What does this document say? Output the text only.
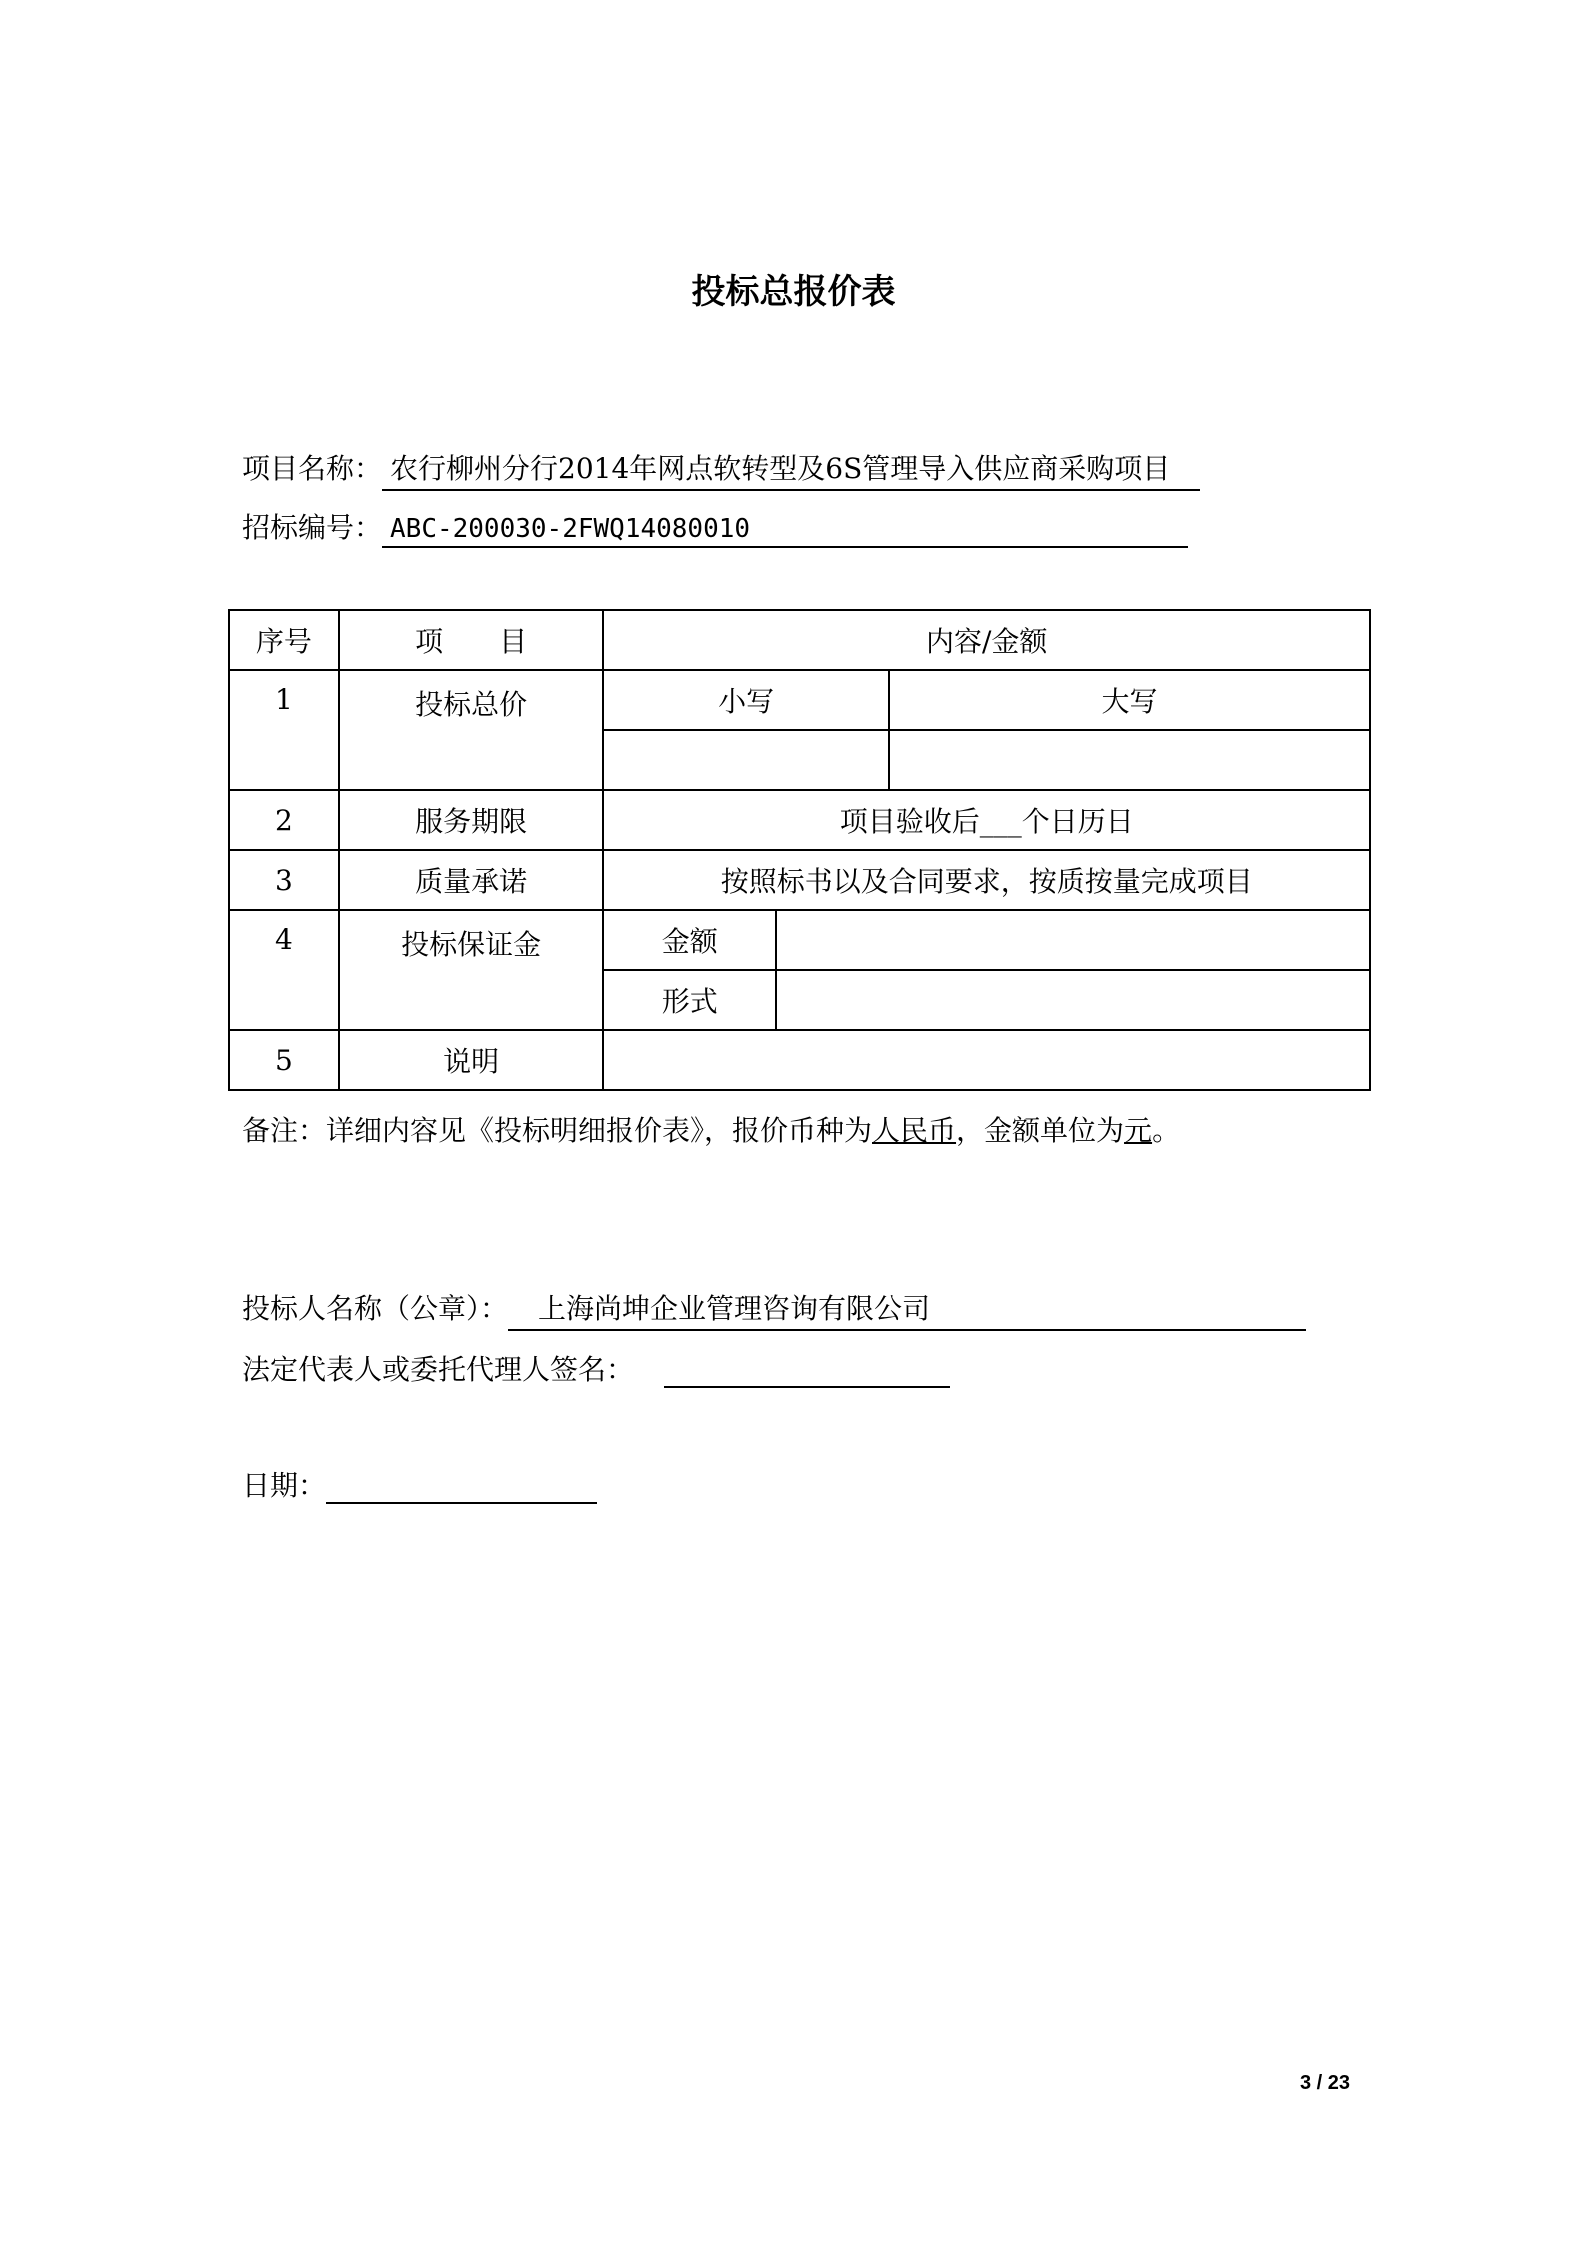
投标总报价表
项目名称： 农行柳州分行2014年网点软转型及6S管理导入供应商采购项目
招标编号： ABC-200030-2FWQ14080010
序号	项　　目	内容/金额		
1	投标总价	小写		大写

2	服务期限	项目验收后___个日历日		
3	质量承诺	按照标书以及合同要求，按质按量完成项目		
4	投标保证金	金额		
		形式		
5	说明			
备注：详细内容见《投标明细报价表》，报价币种为人民币，金额单位为元。
投标人名称（公章）： 上海尚坤企业管理咨询有限公司
法定代表人或委托代理人签名：
日期：
3 / 23
